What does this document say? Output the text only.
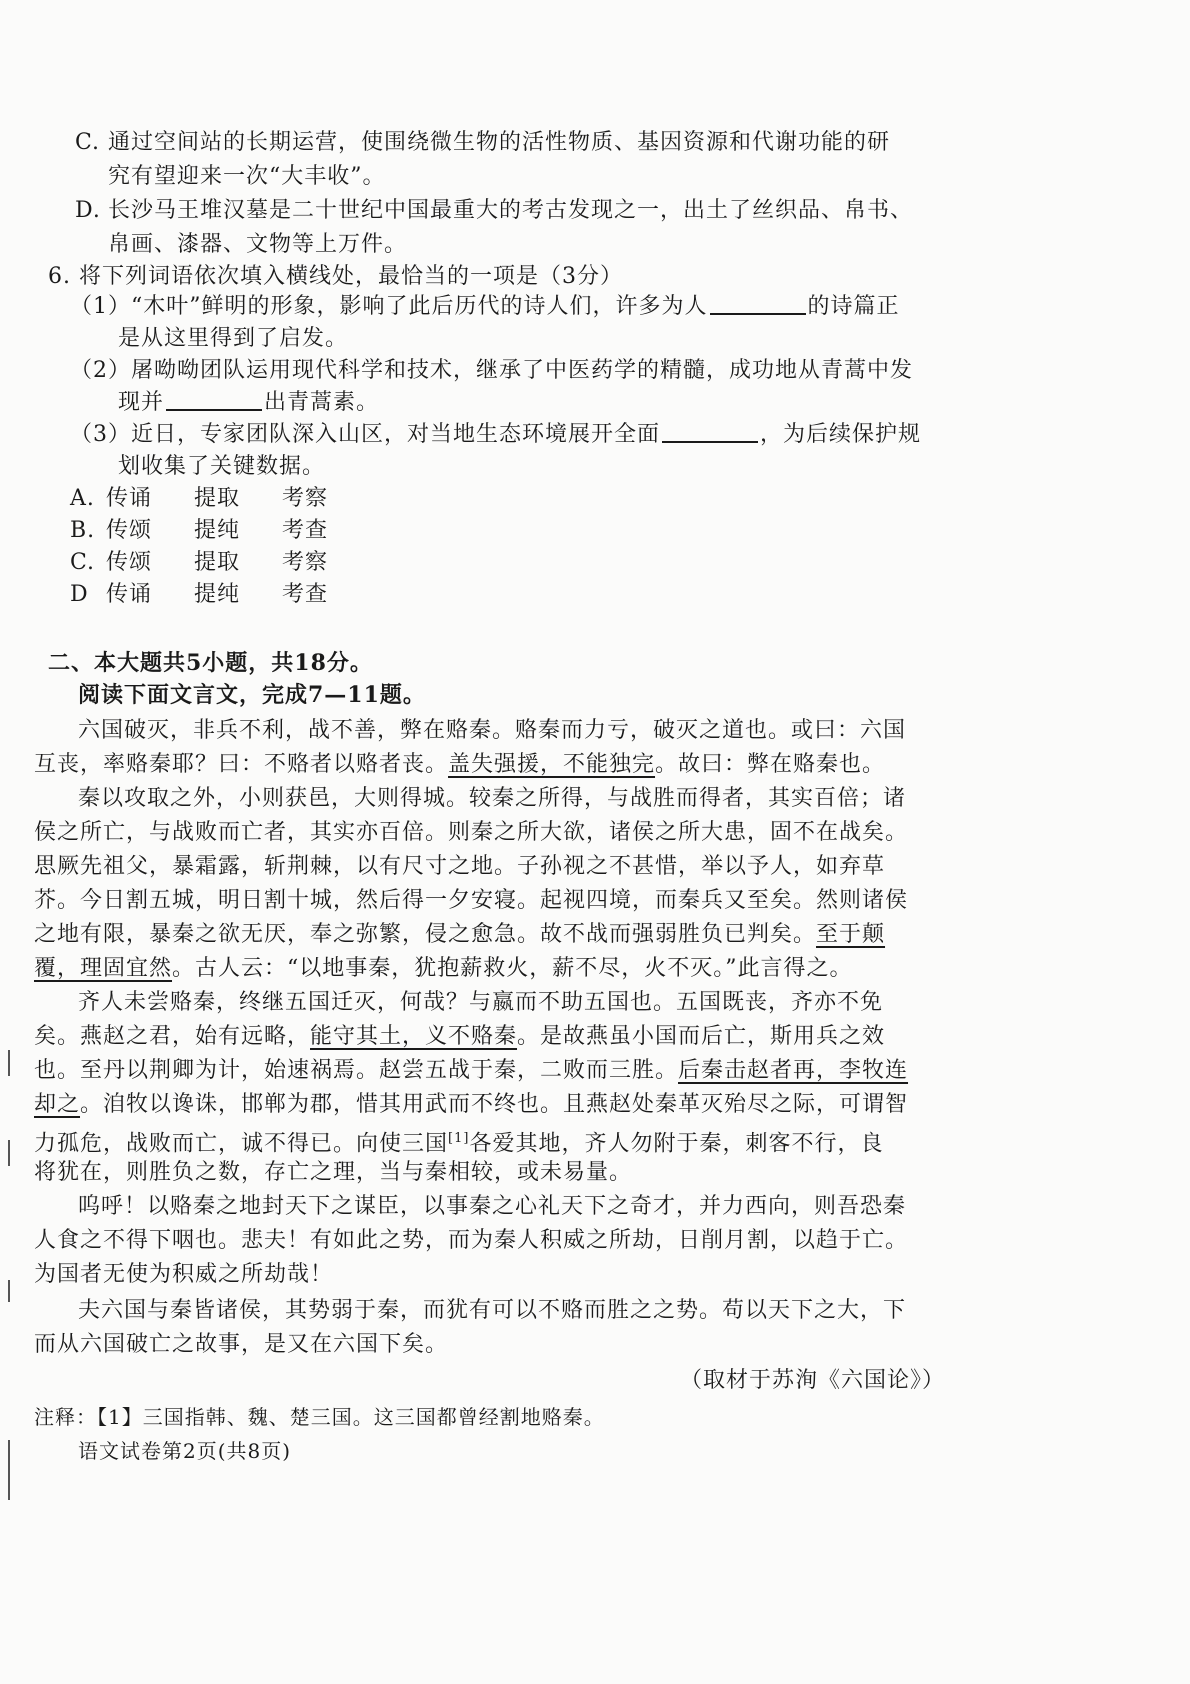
C. 通过空间站的长期运营，使围绕微生物的活性物质、基因资源和代谢功能的研
究有望迎来一次“大丰收”。
D. 长沙马王堆汉墓是二十世纪中国最重大的考古发现之一，出土了丝织品、帛书、
帛画、漆器、文物等上万件。
6. 将下列词语依次填入横线处，最恰当的一项是（3分）
（1）“木叶”鲜明的形象，影响了此后历代的诗人们，许多为人	的诗篇正
是从这里得到了启发。
（2）屠呦呦团队运用现代科学和技术，继承了中医药学的精髓，成功地从青蒿中发
现并	出青蒿素。
（3）近日，专家团队深入山区，对当地生态环境展开全面	，为后续保护规
划收集了关键数据。
A. 传诵 提取 考察
B. 传颂 提纯 考查
C. 传颂 提取 考察
D 传诵 提纯 考查
二、本大题共5小题，共18分。
阅读下面文言文，完成7—11题。
六国破灭，非兵不利，战不善，弊在赂秦。赂秦而力亏，破灭之道也。或曰：六国
互丧，率赂秦耶？曰：不赂者以赂者丧。盖失强援，不能独完。故曰：弊在赂秦也。
秦以攻取之外，小则获邑，大则得城。较秦之所得，与战胜而得者，其实百倍；诸
侯之所亡，与战败而亡者，其实亦百倍。则秦之所大欲，诸侯之所大患，固不在战矣。
思厥先祖父，暴霜露，斩荆棘，以有尺寸之地。子孙视之不甚惜，举以予人，如弃草
芥。今日割五城，明日割十城，然后得一夕安寝。起视四境，而秦兵又至矣。然则诸侯
之地有限，暴秦之欲无厌，奉之弥繁，侵之愈急。故不战而强弱胜负已判矣。至于颠
覆，理固宜然。古人云：“以地事秦，犹抱薪救火，薪不尽，火不灭。”此言得之。
齐人未尝赂秦，终继五国迁灭，何哉？与嬴而不助五国也。五国既丧，齐亦不免
矣。燕赵之君，始有远略，能守其土，义不赂秦。是故燕虽小国而后亡，斯用兵之效
也。至丹以荆卿为计，始速祸焉。赵尝五战于秦，二败而三胜。后秦击赵者再，李牧连
却之。洎牧以谗诛，邯郸为郡，惜其用武而不终也。且燕赵处秦革灭殆尽之际，可谓智
力孤危，战败而亡，诚不得已。向使三国[1]各爱其地，齐人勿附于秦，刺客不行，良
将犹在，则胜负之数，存亡之理，当与秦相较，或未易量。
呜呼！以赂秦之地封天下之谋臣，以事秦之心礼天下之奇才，并力西向，则吾恐秦
人食之不得下咽也。悲夫！有如此之势，而为秦人积威之所劫，日削月割，以趋于亡。
为国者无使为积威之所劫哉！
夫六国与秦皆诸侯，其势弱于秦，而犹有可以不赂而胜之之势。苟以天下之大，下
而从六国破亡之故事，是又在六国下矣。
（取材于苏洵《六国论》）
注释：【1】三国指韩、魏、楚三国。这三国都曾经割地赂秦。
语文试卷第2页(共8页)
